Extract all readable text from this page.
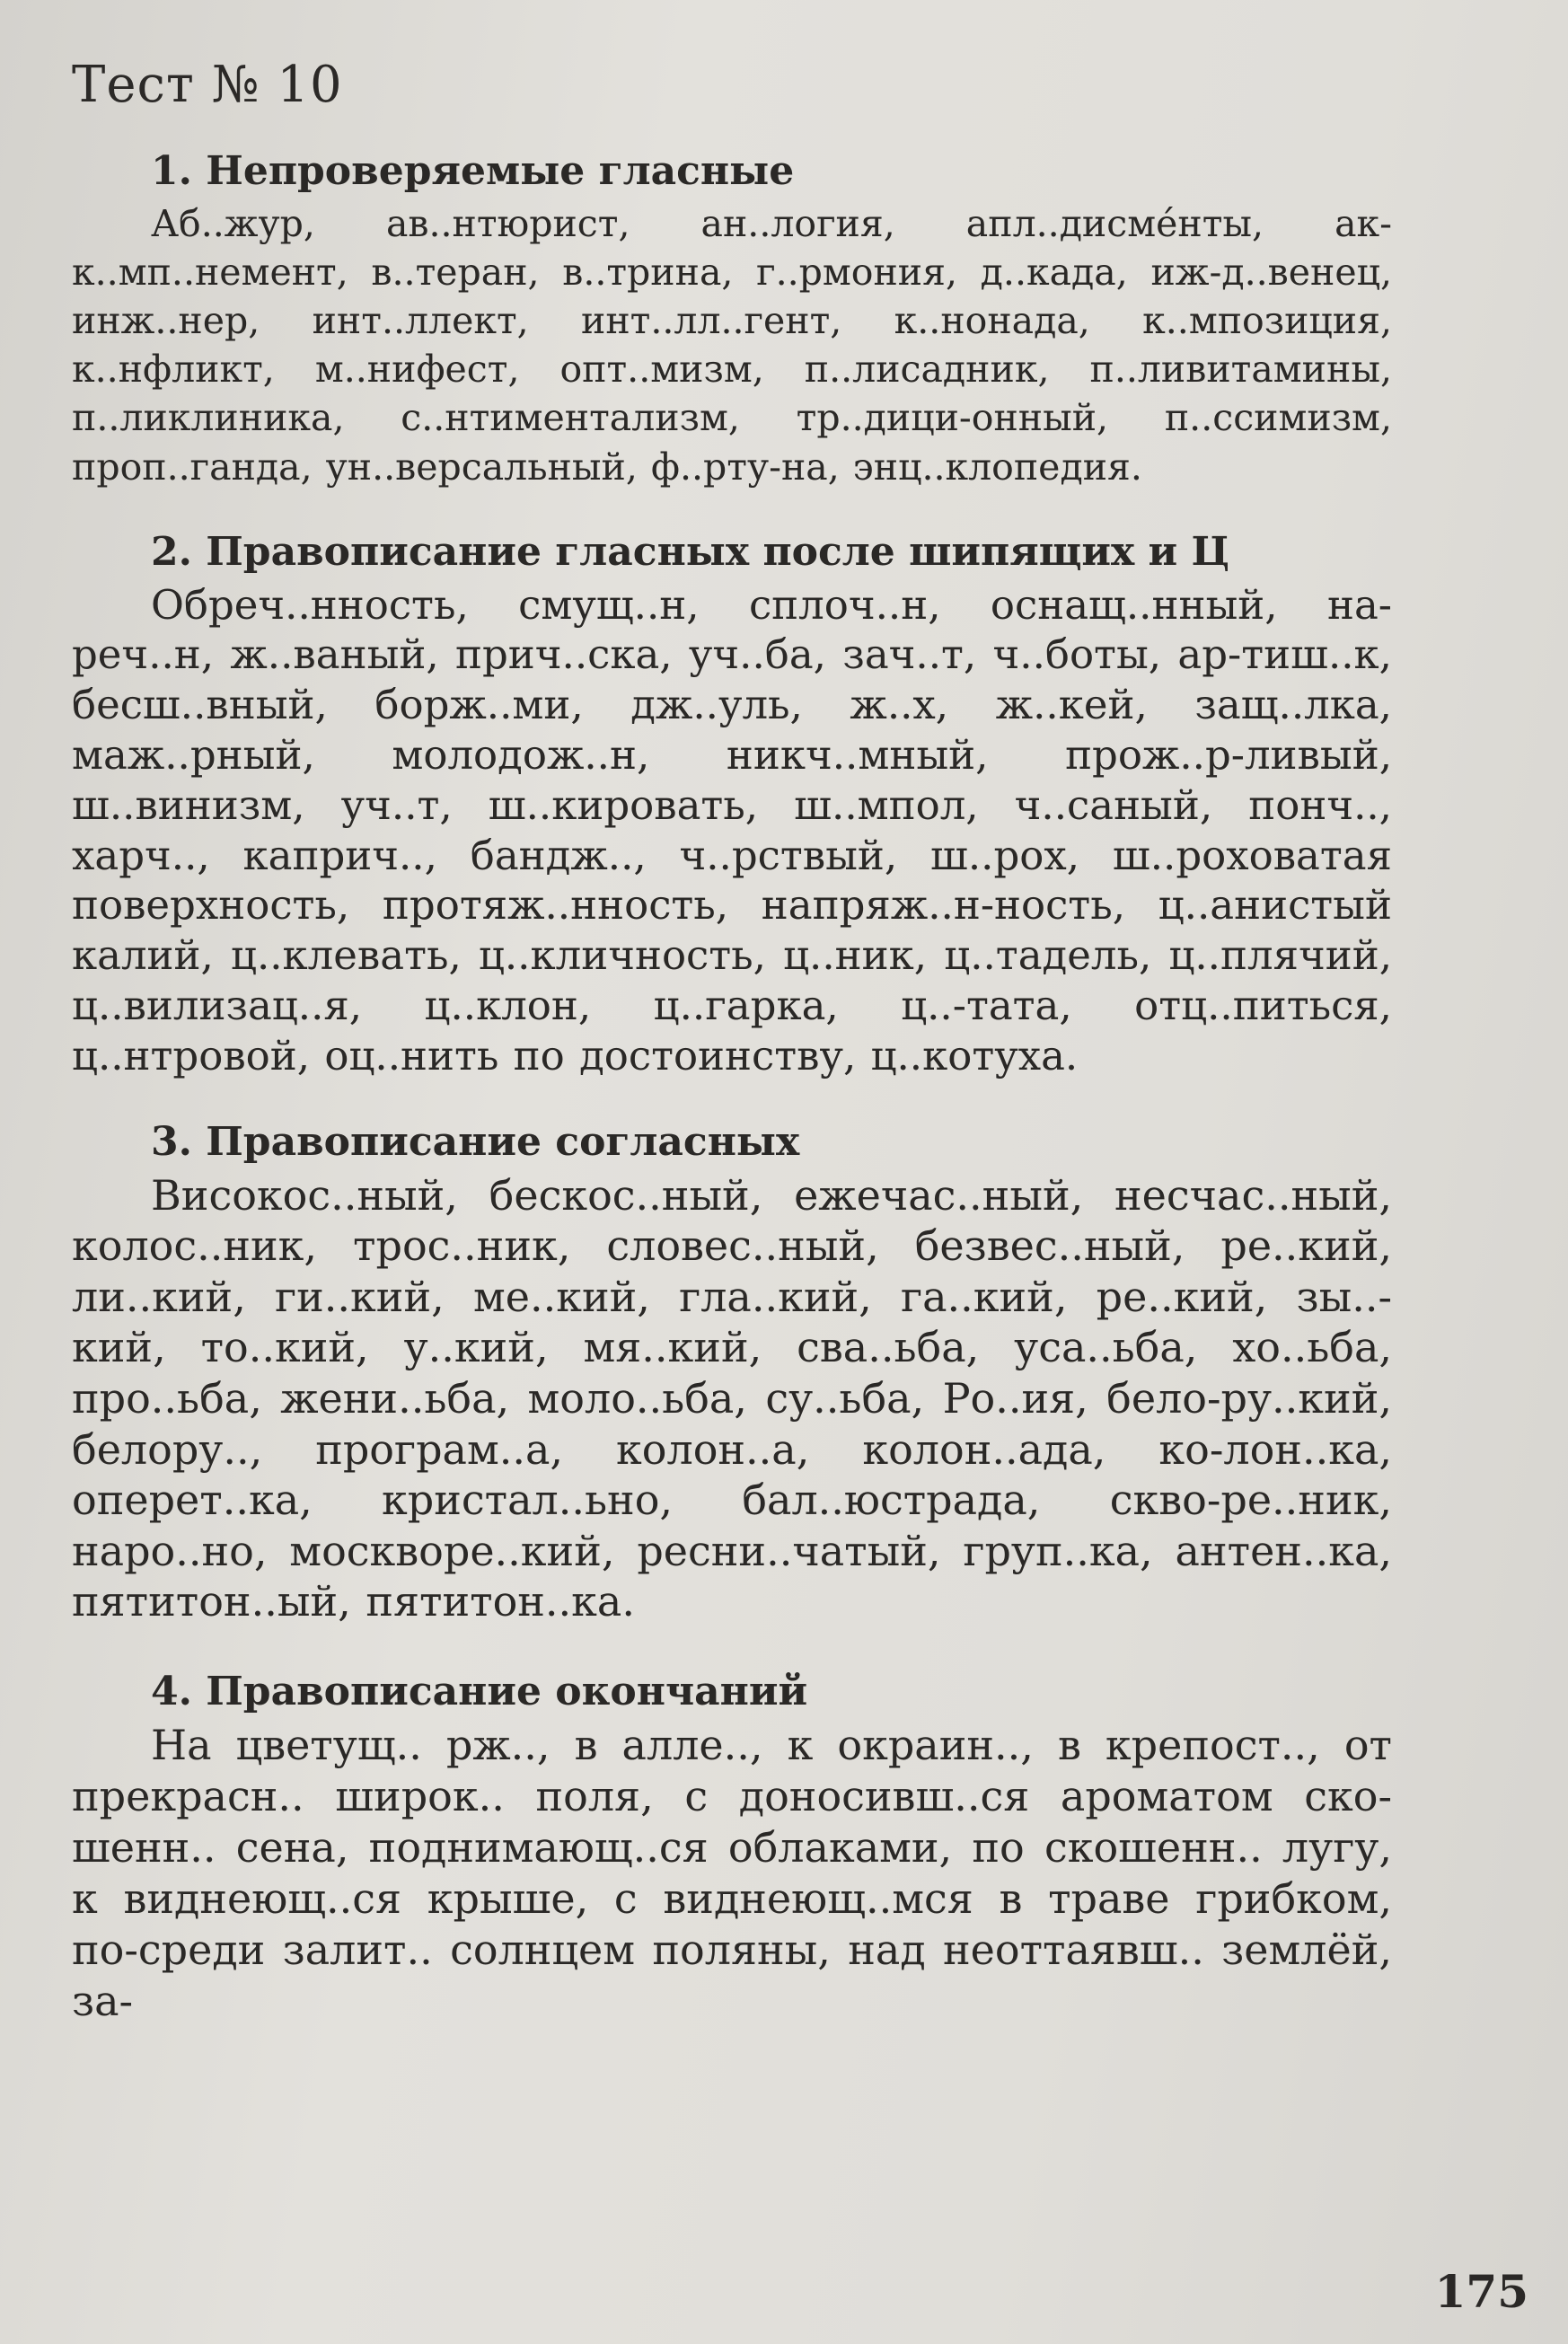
Тест № 10
1. Непроверяемые гласные
Аб..жур, ав..нтюрист, ан..логия, апл..дисме́нты, ак-к..мп..немент, в..теран, в..трина, г..рмония, д..када, иж-д..венец, инж..нер, инт..ллект, инт..лл..гент, к..нонада, к..мпозиция, к..нфликт, м..нифест, опт..мизм, п..лисадник, п..ливитамины, п..ликлиника, с..нтиментализм, тр..дици-онный, п..ссимизм, проп..ганда, ун..версальный, ф..рту-на, энц..клопедия.
2. Правописание гласных после шипящих и Ц
Обреч..нность, смущ..н, сплоч..н, оснащ..нный, на-реч..н, ж..ваный, прич..ска, уч..ба, зач..т, ч..боты, ар-тиш..к, бесш..вный, борж..ми, дж..уль, ж..х, ж..кей, защ..лка, маж..рный, молодож..н, никч..мный, прож..р-ливый, ш..винизм, уч..т, ш..кировать, ш..мпол, ч..саный, понч.., харч.., каприч.., бандж.., ч..рствый, ш..рох, ш..роховатая поверхность, протяж..нность, напряж..н-ность, ц..анистый калий, ц..клевать, ц..кличность, ц..ник, ц..тадель, ц..плячий, ц..вилизац..я, ц..клон, ц..гарка, ц..-тата, отц..питься, ц..нтровой, оц..нить по достоинству, ц..котуха.
3. Правописание согласных
Високос..ный, бескос..ный, ежечас..ный, несчас..ный, колос..ник, трос..ник, словес..ный, безвес..ный, ре..кий, ли..кий, ги..кий, ме..кий, гла..кий, га..кий, ре..кий, зы..-кий, то..кий, у..кий, мя..кий, сва..ьба, уса..ьба, хо..ьба, про..ьба, жени..ьба, моло..ьба, су..ьба, Ро..ия, бело-ру..кий, белору.., програм..а, колон..а, колон..ада, ко-лон..ка, оперет..ка, кристал..ьно, бал..юстрада, скво-ре..ник, наро..но, москворе..кий, ресни..чатый, груп..ка, антен..ка, пятитон..ый, пятитон..ка.
4. Правописание окончаний
На цветущ.. рж.., в алле.., к окраин.., в крепост.., от прекрасн.. широк.. поля, с доносивш..ся ароматом ско-шенн.. сена, поднимающ..ся облаками, по скошенн.. лугу, к виднеющ..ся крыше, с виднеющ..мся в траве грибком, по-среди залит.. солнцем поляны, над неоттаявш.. землёй, за-
175
